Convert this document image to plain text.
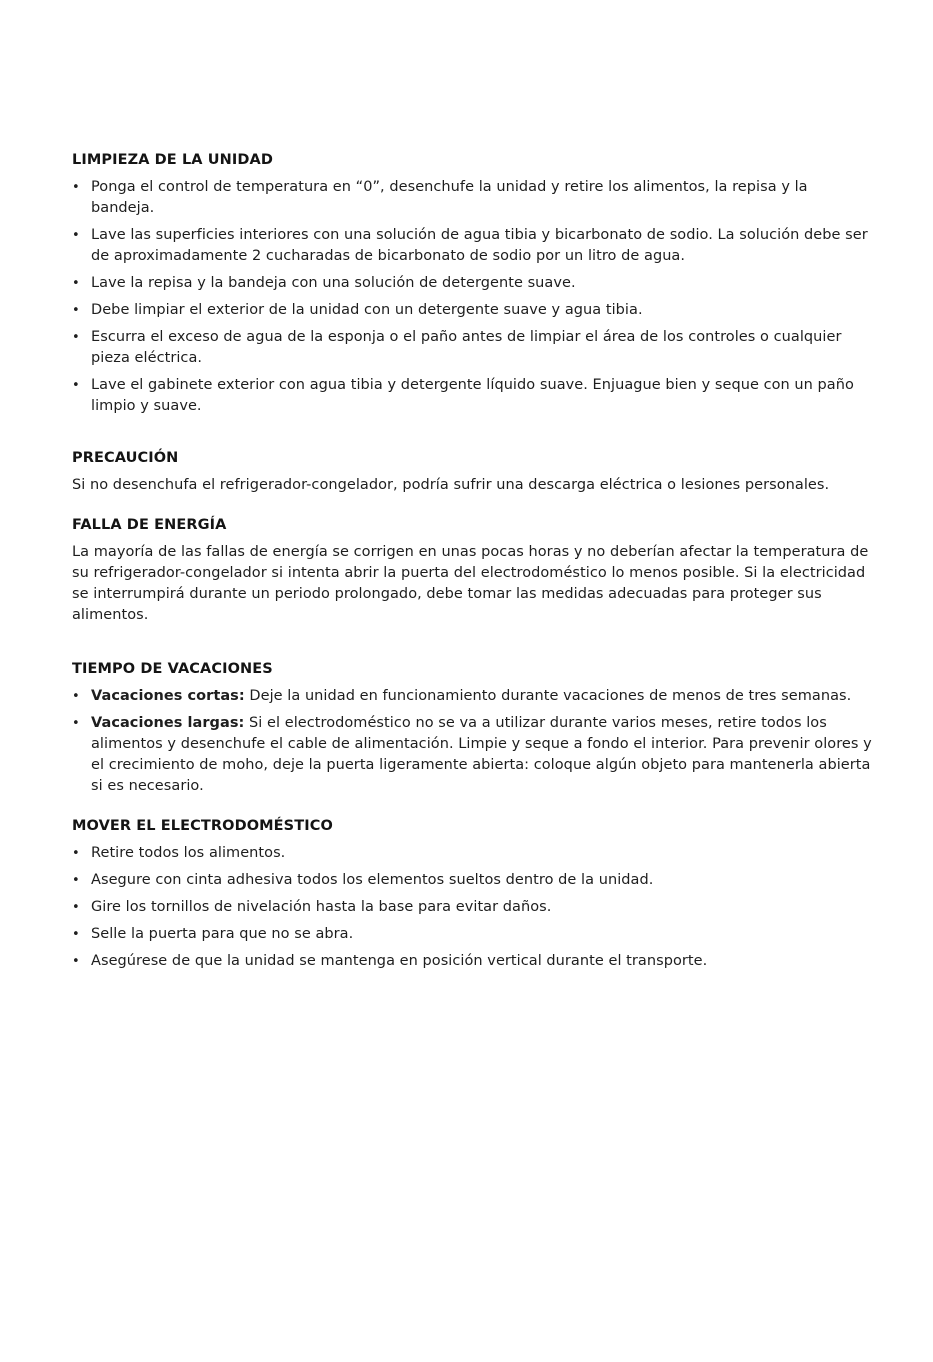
LIMPIEZA DE LA UNIDAD
• Ponga el control de temperatura en “0”, desenchufe la unidad y retire los alimentos, la repisa y la bandeja.
• Lave las superficies interiores con una solución de agua tibia y bicarbonato de sodio. La solución debe ser de aproximadamente 2 cucharadas de bicarbonato de sodio por un litro de agua.
• Lave la repisa y la bandeja con una solución de detergente suave.
• Debe limpiar el exterior de la unidad con un detergente suave y agua tibia.
• Escurra el exceso de agua de la esponja o el paño antes de limpiar el área de los controles o cualquier pieza eléctrica.
• Lave el gabinete exterior con agua tibia y detergente líquido suave. Enjuague bien y seque con un paño limpio y suave.
PRECAUCIÓN

Si no desenchufa el refrigerador-congelador, podría sufrir una descarga eléctrica o lesiones personales.

FALLA DE ENERGÍA

La mayoría de las fallas de energía se corrigen en unas pocas horas y no deberían afectar la temperatura de su refrigerador-congelador si intenta abrir la puerta del electrodoméstico lo menos posible. Si la electricidad se interrumpirá durante un periodo prolongado, debe tomar las medidas adecuadas para proteger sus alimentos.

TIEMPO DE VACACIONES
• Vacaciones cortas: Deje la unidad en funcionamiento durante vacaciones de menos de tres semanas.
• Vacaciones largas: Si el electrodoméstico no se va a utilizar durante varios meses, retire todos los alimentos y desenchufe el cable de alimentación. Limpie y seque a fondo el interior. Para prevenir olores y el crecimiento de moho, deje la puerta ligeramente abierta: coloque algún objeto para mantenerla abierta si es necesario.
MOVER EL ELECTRODOMÉSTICO
• Retire todos los alimentos.
• Asegure con cinta adhesiva todos los elementos sueltos dentro de la unidad.
• Gire los tornillos de nivelación hasta la base para evitar daños.
• Selle la puerta para que no se abra.
• Asegúrese de que la unidad se mantenga en posición vertical durante el transporte.
